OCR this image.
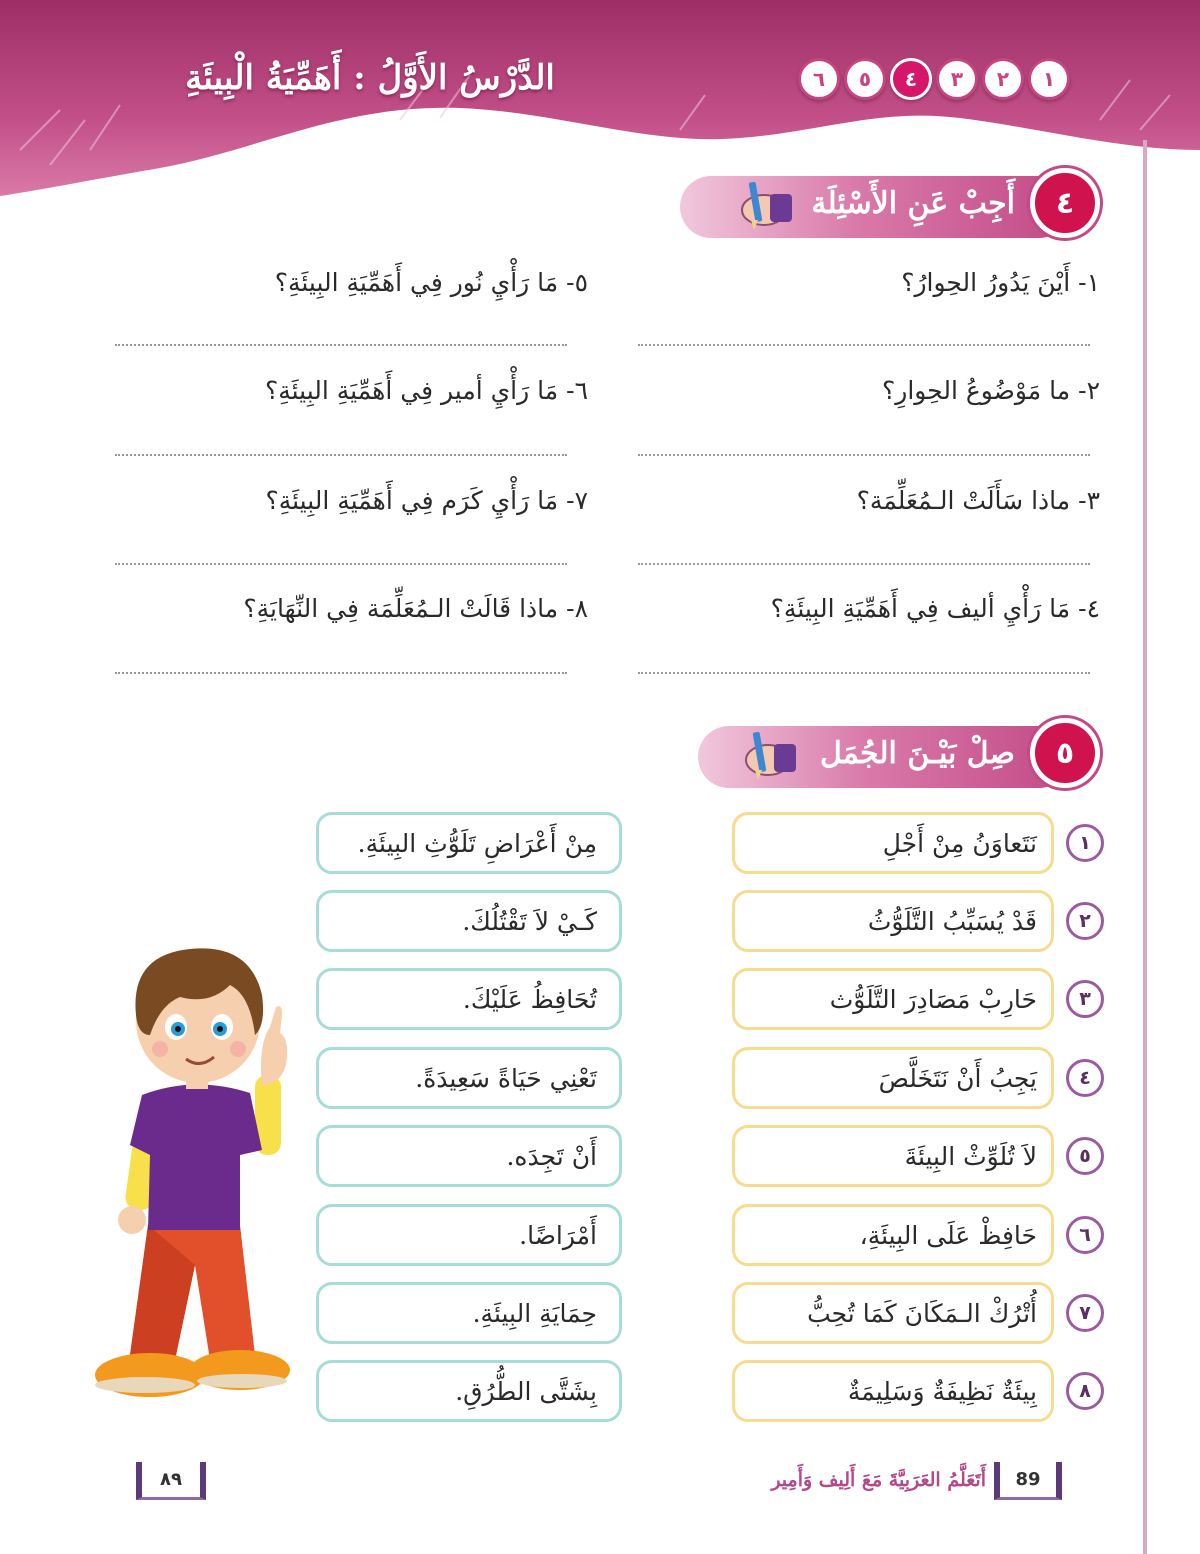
الدَّرْسُ الأَوَّلُ : أَهَمِّيَةُ الْبِيئَةِ	١
٢
٣
٤
٥
٦
٤
أَجِبْ عَنِ الأَسْئِلَة
١- أَيْنَ يَدُورُ الحِوارُ؟
٢- ما مَوْضُوعُ الحِوارِ؟
٣- ماذا سَأَلَتْ الـمُعَلِّمَة؟
٤- مَا رَأْيِ أليف فِي أَهَمِّيَةِ البِيئَةِ؟
٥- مَا رَأْيِ نُور فِي أَهَمِّيَةِ البِيئَةِ؟
٦- مَا رَأْيِ أمير فِي أَهَمِّيَةِ البِيئَةِ؟
٧- مَا رَأْيِ كَرَم فِي أَهَمِّيَةِ البِيئَةِ؟
٨- ماذا قَالَتْ الـمُعَلِّمَة فِي النِّهَايَةِ؟
٥
صِلْ بَيْـنَ الجُمَل
نَتَعاوَنُ مِنْ أَجْلِ	١
قَدْ يُسَبِّبُ التَّلَوُّثُ	٢
حَارِبْ مَصَادِرَ التَّلَوُّث	٣
يَجِبُ أَنْ نَتَخَلَّصَ	٤
لاَ تُلَوِّثْ البِيئَةَ	٥
حَافِظْ عَلَى البِيئَةِ،	٦
أُتْرُكْ الـمَكَانَ كَمَا تُحِبُّ	٧
بِيئَةٌ نَظِيفَةٌ وَسَلِيمَةٌ	٨
مِنْ أَعْرَاضِ تَلَوُّثِ البِيئَةِ.
كَـيْ لاَ تَقْتُلُكَ.
تُحَافِظُ عَلَيْكَ.
تَعْنِي حَيَاةً سَعِيدَةً.
أَنْ تَجِدَه.
أَمْرَاضًا.
حِمَايَةِ البِيئَةِ.
بِشَتَّى الطُّرُقِ.
٨٩	89
أَتَعَلَّمُ العَرَبِيَّةَ مَعَ أَلِيف وَأَمِير
